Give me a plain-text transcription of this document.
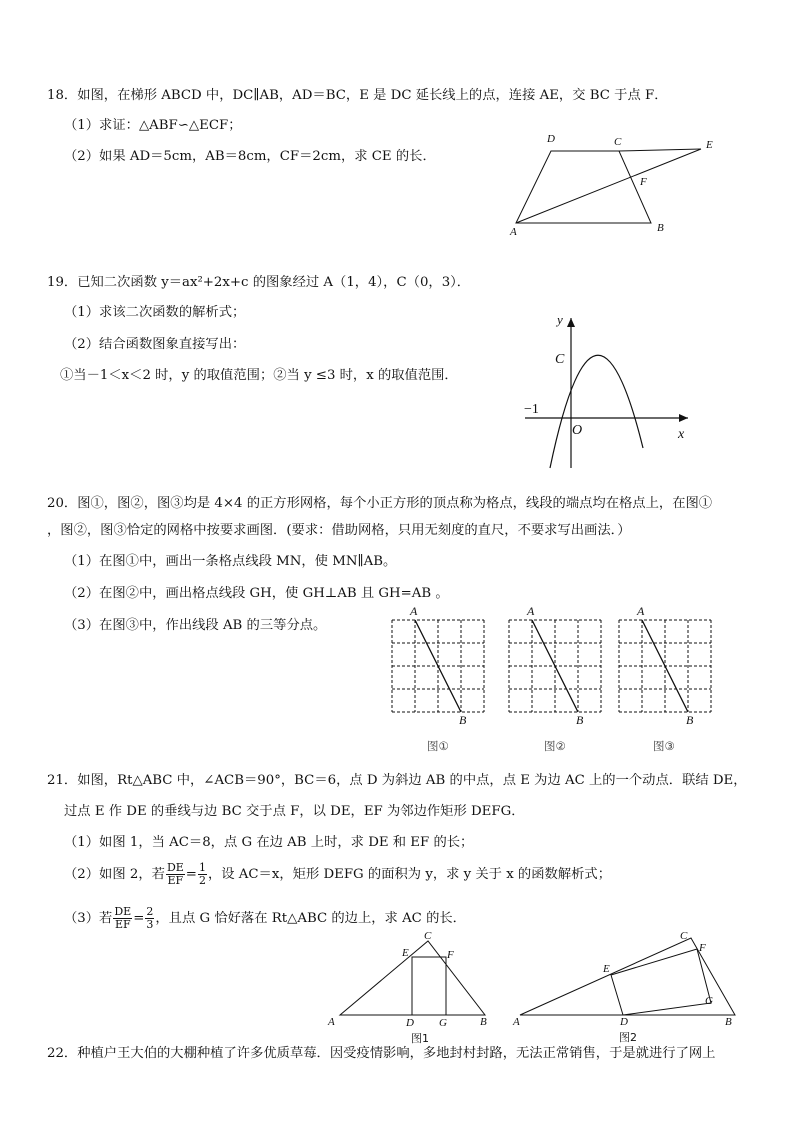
18．如图，在梯形 ABCD 中，DC∥AB，AD＝BC，E 是 DC 延长线上的点，连接 AE，交 BC 于点 F．
（1）求证：△ABF∽△ECF；
（2）如果 AD＝5cm，AB＝8cm，CF＝2cm，求 CE 的长．
A	B
C
D	E
F
19．已知二次函数 y＝ax²+2x+c 的图象经过 A（1，4），C（0，3）．
（1）求该二次函数的解析式；
（2）结合函数图象直接写出：
①当－1＜x＜2 时，y 的取值范围；②当 y ≤3 时，x 的取值范围．
y
C
−1
O	x
20．图①，图②，图③均是 4×4 的正方形网格，每个小正方形的顶点称为格点，线段的端点均在格点上，在图①
，图②，图③恰定的网格中按要求画图．(要求：借助网格，只用无刻度的直尺，不要求写出画法．）
（1）在图①中，画出一条格点线段 MN，使 MN∥AB。
（2）在图②中，画出格点线段 GH，使 GH⊥AB 且 GH=AB 。
（3）在图③中，作出线段 AB 的三等分点。
A
B
图①
A
B
图②
A
B
图③
21．如图，Rt△ABC 中，∠ACB＝90°，BC＝6，点 D 为斜边 AB 的中点，点 E 为边 AC 上的一个动点．联结 DE，
过点 E 作 DE 的垂线与边 BC 交于点 F，以 DE，EF 为邻边作矩形 DEFG．
（1）如图 1，当 AC＝8，点 G 在边 AB 上时，求 DE 和 EF 的长；
（2）如图 2，若 $\frac{DE}{EF} = \frac{1}{2}$ ，设 AC＝x，矩形 DEFG 的面积为 y，求 y 关于 x 的函数解析式；
（3）若 $\frac{DE}{EF} = \frac{2}{3}$ ，且点 G 恰好落在 Rt△ABC 的边上，求 AC 的长．
A	B
C
D
E	F
G
图1
A	B
C
D
E
F
G
图2
22．种植户王大伯的大棚种植了许多优质草莓．因受疫情影响，多地封村封路，无法正常销售，于是就进行了网上
